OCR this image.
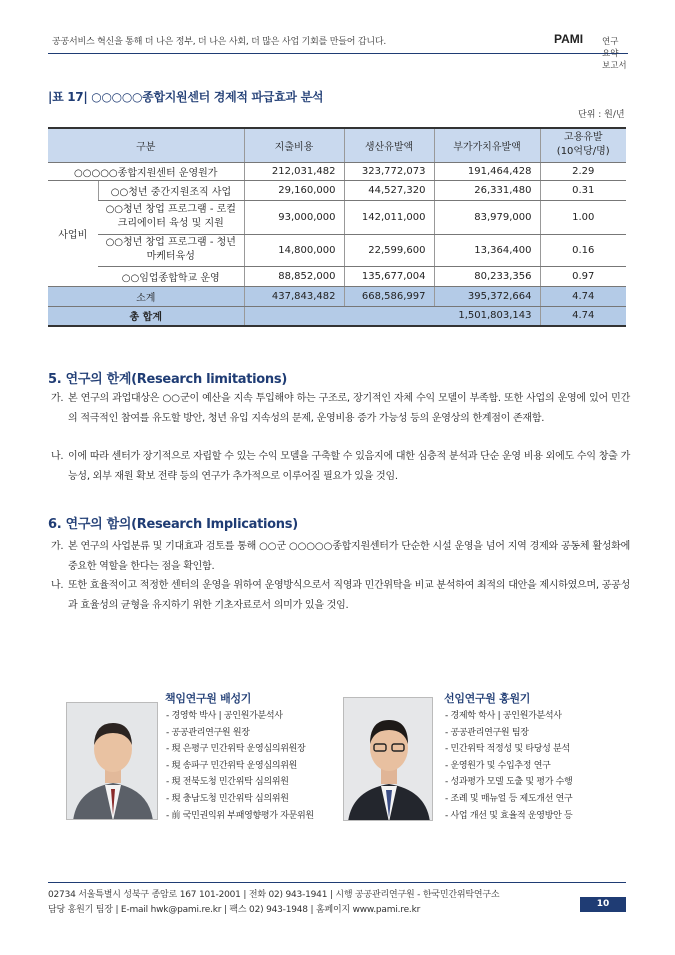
공공서비스 혁신을 통해 더 나은 정부, 더 나은 사회, 더 많은 사업 기회를 만들어 갑니다.	PAMI 연구 요약 보고서
|표 17| ○○○○○종합지원센터 경제적 파급효과 분석
단위 : 원/년
구분		지출비용	생산유발액	부가가치유발액	고용유발
(10억당/명)
○○○○○종합지원센터 운영원가		212,031,482	323,772,073	191,464,428	2.29
사업비	○○청년 중간지원조직 사업	29,160,000	44,527,320	26,331,480	0.31
	○○청년 창업 프로그램 - 로컬크리에이터 육성 및 지원	93,000,000	142,011,000	83,979,000	1.00
	○○청년 창업 프로그램 - 청년마케터육성	14,800,000	22,599,600	13,364,400	0.16
	○○임업종합학교 운영	88,852,000	135,677,004	80,233,356	0.97
소계		437,843,482	668,586,997	395,372,664	4.74
총 합계		1,501,803,143			4.74
5. 연구의 한계(Research limitations)
가. 본 연구의 과업대상은 ○○군이 예산을 지속 투입해야 하는 구조로, 장기적인 자체 수익 모델이 부족함. 또한 사업의 운영에 있어 민간의 적극적인 참여를 유도할 방안, 청년 유입 지속성의 문제, 운영비용 증가 가능성 등의 운영상의 한계점이 존재함.
나. 이에 따라 센터가 장기적으로 자립할 수 있는 수익 모델을 구축할 수 있음지에 대한 심층적 분석과 단순 운영 비용 외에도 수익 창출 가능성, 외부 재원 확보 전략 등의 연구가 추가적으로 이루어질 필요가 있을 것임.
6. 연구의 함의(Research Implications)
가. 본 연구의 사업분류 및 기대효과 검토를 통해 ○○군 ○○○○○종합지원센터가 단순한 시설 운영을 넘어 지역 경제와 공동체 활성화에 중요한 역할을 한다는 점을 확인함.
나. 또한 효율적이고 적정한 센터의 운영을 위하여 운영방식으로서 직영과 민간위탁을 비교 분석하여 최적의 대안을 제시하였으며, 공공성과 효율성의 균형을 유지하기 위한 기초자료로서 의미가 있을 것임.
책임연구원 배성기
- 경영학 박사 | 공인원가분석사
- 공공관리연구원 원장
- 現 은평구 민간위탁 운영심의위원장
- 現 송파구 민간위탁 운영심의위원
- 現 전북도청 민간위탁 심의위원
- 現 충남도청 민간위탁 심의위원
- 前 국민권익위 부패영향평가 자문위원
선임연구원 홍원기
- 경제학 학사 | 공인원가분석사
- 공공관리연구원 팀장
- 민간위탁 적정성 및 타당성 분석
- 운영원가 및 수입추정 연구
- 성과평가 모델 도출 및 평가 수행
- 조례 및 매뉴얼 등 제도개선 연구
- 사업 개선 및 효율적 운영방안 등
02734 서울특별시 성북구 종암로 167 101-2001 | 전화 02) 943-1941 | 시행 공공관리연구원 - 한국민간위탁연구소
담당 홍원기 팀장 | E-mail hwk@pami.re.kr | 팩스 02) 943-1948 | 홈페이지 www.pami.re.kr
10
